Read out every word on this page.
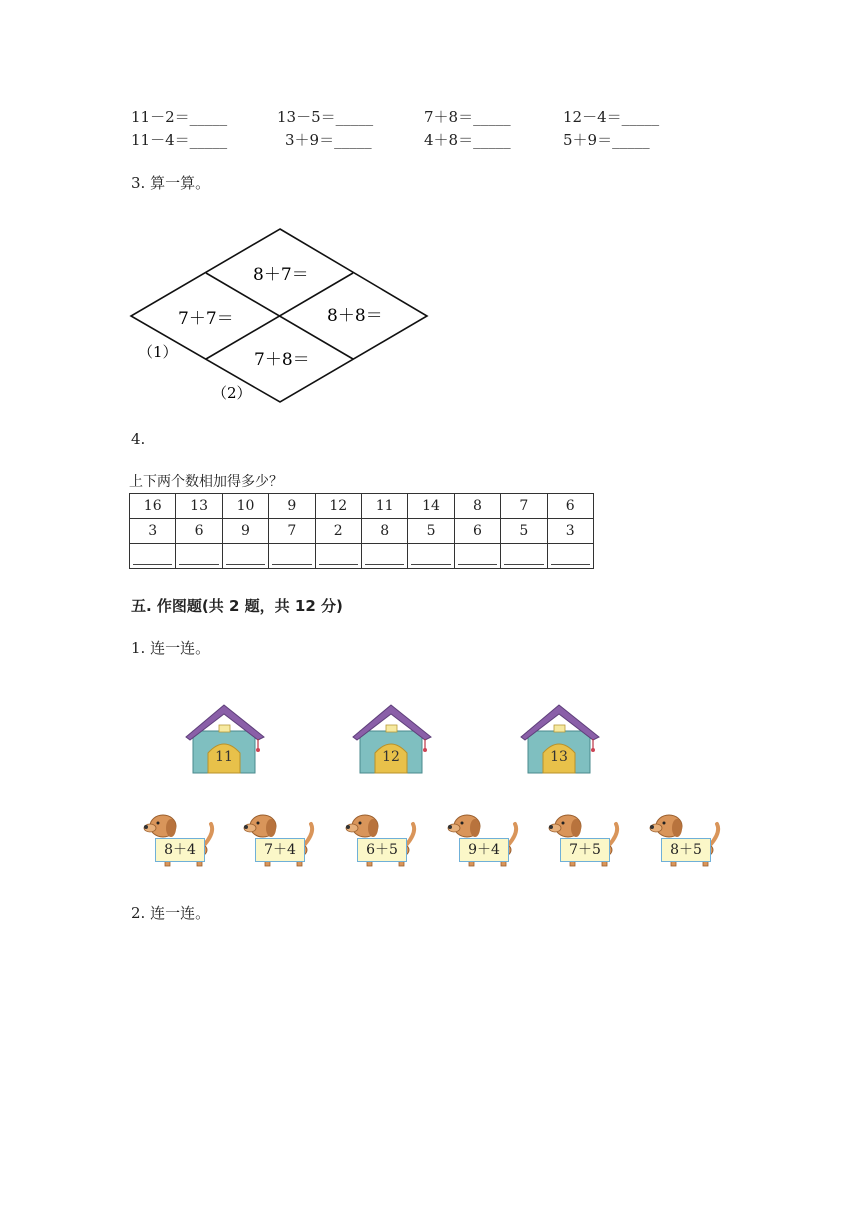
11－2＝_____	13－5＝_____	7＋8＝_____	12－4＝_____
11－4＝_____	3＋9＝_____	4＋8＝_____	5＋9＝_____
3. 算一算。
8＋7＝
7＋7＝	8＋8＝
7＋8＝
（1）
（2）
4.
上下两个数相加得多少？
16	13	10	9	12	11	14	8	7	6
3	6	9	7	2	8	5	6	5	3

五. 作图题(共 2 题，共 12 分)
1. 连一连。
11	12	13
8＋4	7＋4	6＋5	9＋4	7＋5	8＋5
2. 连一连。
